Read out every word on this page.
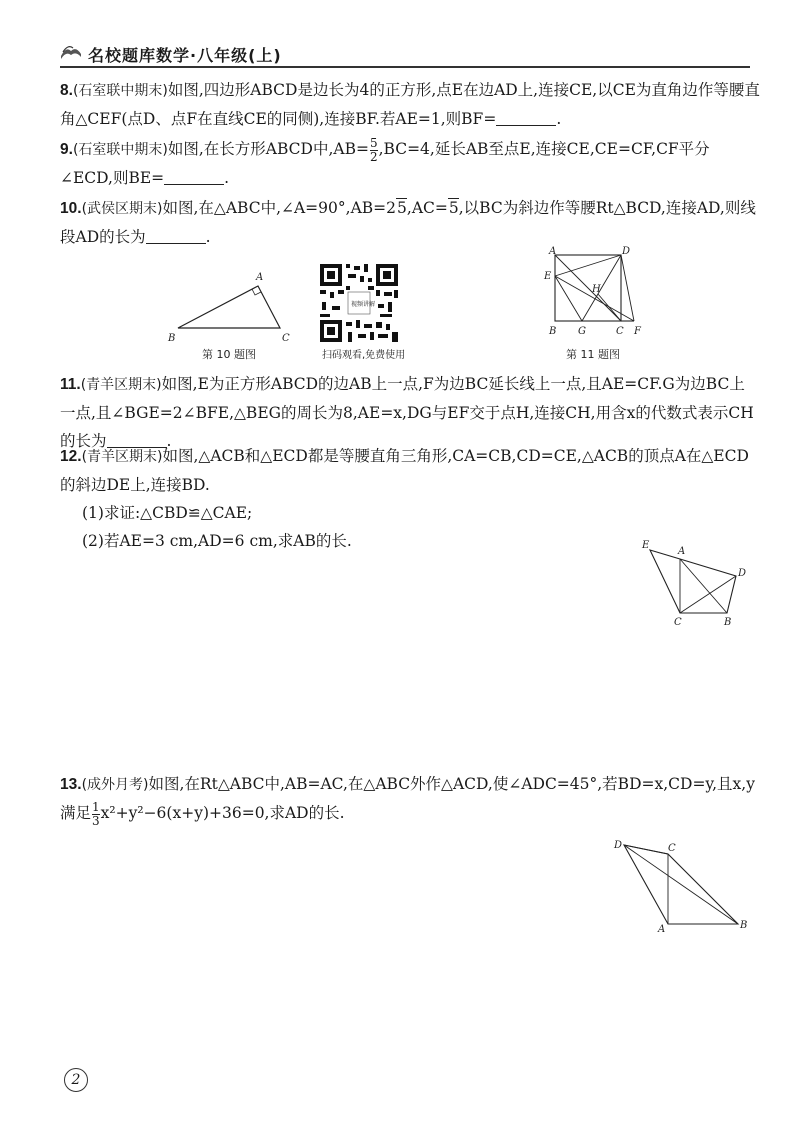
名校题库数学·八年级(上)
8.(石室联中期末)如图,四边形ABCD是边长为4的正方形,点E在边AD上,连接CE,以CE为直角边作等腰直角△CEF(点D、点F在直线CE的同侧),连接BF.若AE=1,则BF=	.
9.(石室联中期末)如图,在长方形ABCD中$,AB= \frac{5}{2} ,BC=4$,延长AB至点E,连接CE,CE=CF,CF平分∠ECD,则BE=	.
10.(武侯区期末)如图,在△ABC中,∠A=90°,AB=25,AC=5,以BC为斜边作等腰Rt△BCD,连接AD,则线段AD的长为	.
A
B	C
第 10 题图
视频讲解
扫码观看,免费使用
A	D
E
H
B G	C F
第 11 题图
11.(青羊区期末)如图,E为正方形ABCD的边AB上一点,F为边BC延长线上一点,且AE=CF.G为边BC上一点,且∠BGE=2∠BFE,△BEG的周长为8,AE=x,DG与EF交于点H,连接CH,用含x的代数式表示CH的长为	.
12.(青羊区期末)如图,△ACB和△ECD都是等腰直角三角形,CA=CB,CD=CE,△ACB的顶点A在△ECD的斜边DE上,连接BD.
(1)求证:△CBD≌△CAE;
(2)若AE=3 cm,AD=6 cm,求AB的长.	E
A
D
C	B
13.(成外月考)如图,在Rt△ABC中,AB=AC,在△ABC外作△ACD,使∠ADC=45°,若BD=x,CD=y,且x,y满足 $\frac{1}{3} x^2+y^2-6(x+y)+36=0$,求AD的长.
D	C
A	B
2
